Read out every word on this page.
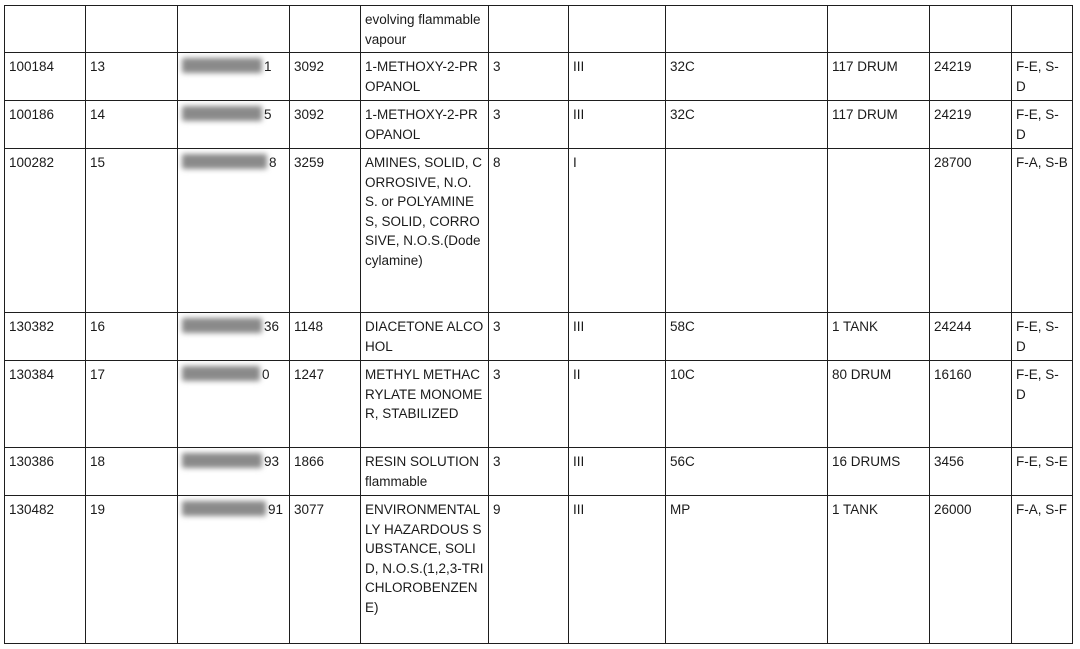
				evolving flammable vapour						
100184	13	1	3092	1-METHOXY-2-PROPANOL	3	III	32C	117 DRUM	24219	F-E, S-D
100186	14	5	3092	1-METHOXY-2-PROPANOL	3	III	32C	117 DRUM	24219	F-E, S-D
100282	15	8	3259	AMINES, SOLID, CORROSIVE, N.O.S. or POLYAMINES, SOLID, CORROSIVE, N.O.S.(Dodecylamine)	8	I			28700	F-A, S-B
130382	16	36	1148	DIACETONE ALCOHOL	3	III	58C	1 TANK	24244	F-E, S-D
130384	17	0	1247	METHYL METHACRYLATE MONOMER, STABILIZED	3	II	10C	80 DRUM	16160	F-E, S-D
130386	18	93	1866	RESIN SOLUTION flammable	3	III	56C	16 DRUMS	3456	F-E, S-E
130482	19	91	3077	ENVIRONMENTALLY HAZARDOUS SUBSTANCE, SOLID, N.O.S.(1,2,3-TRICHLOROBENZENE)	9	III	MP	1 TANK	26000	F-A, S-F
